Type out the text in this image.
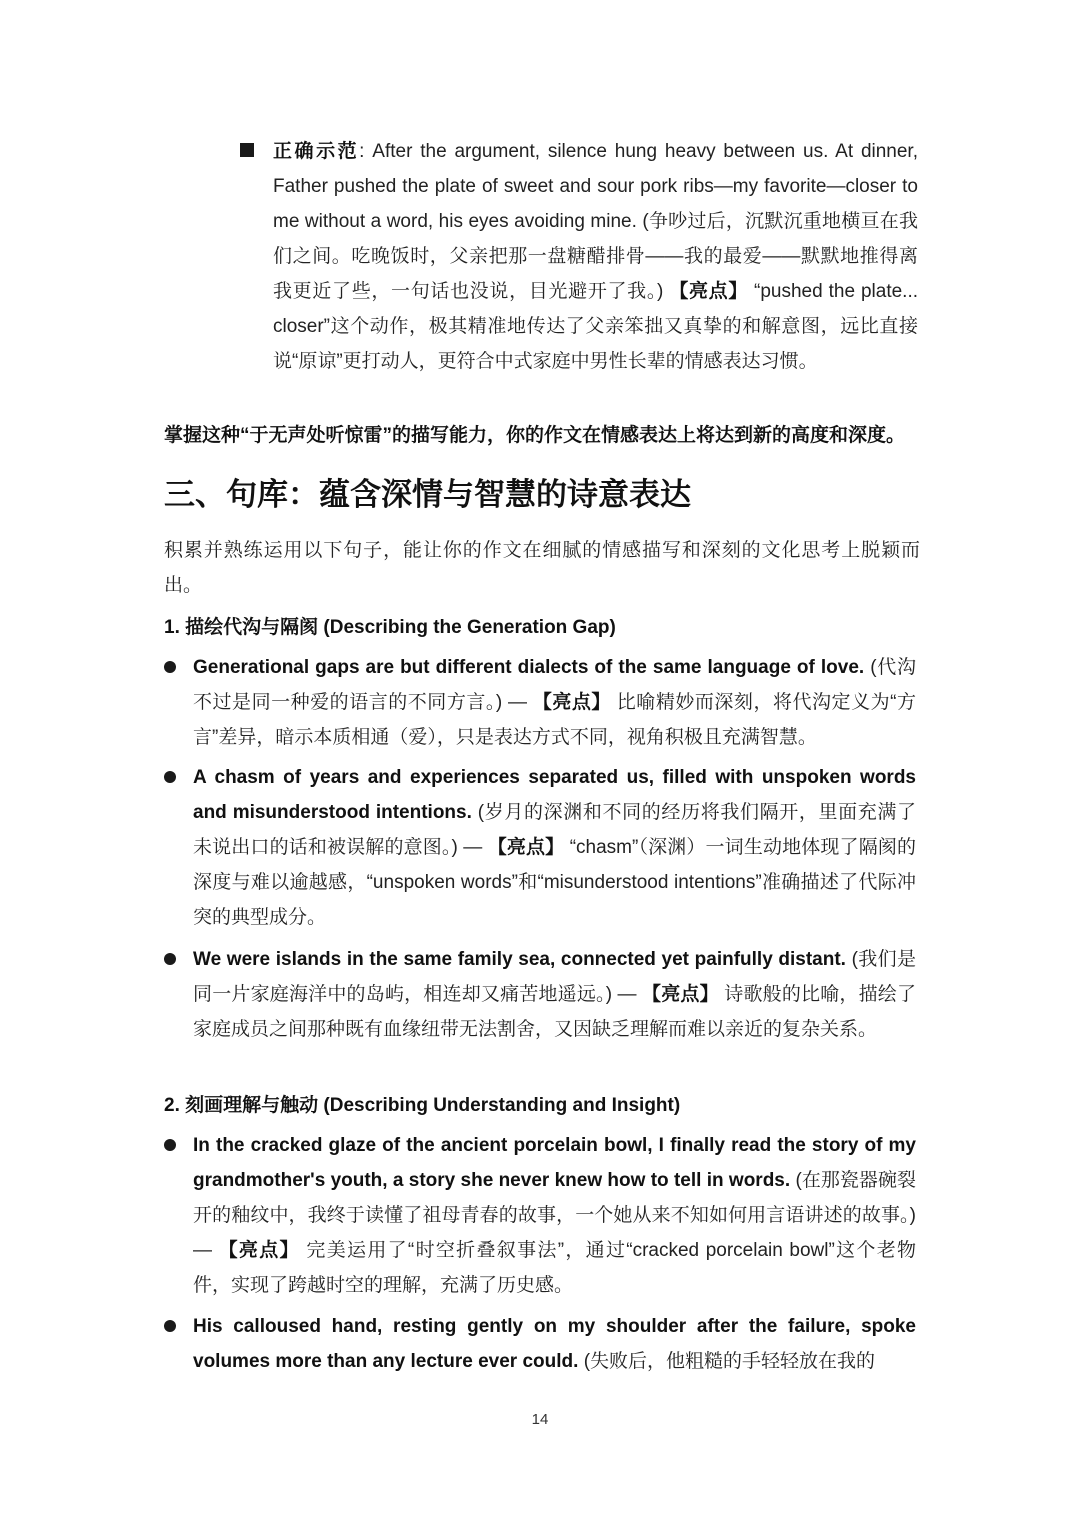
正确示范: After the argument, silence hung heavy between us. At dinner, Father pushed the plate of sweet and sour pork ribs—my favorite—closer to me without a word, his eyes avoiding mine. (争吵过后，沉默沉重地横亘在我们之间。吃晚饭时，父亲把那一盘糖醋排骨——我的最爱——默默地推得离我更近了些，一句话也没说，目光避开了我。) 【亮点】 “pushed the plate... closer”这个动作，极其精准地传达了父亲笨拙又真挚的和解意图，远比直接说“原谅”更打动人，更符合中式家庭中男性长辈的情感表达习惯。
掌握这种“于无声处听惊雷”的描写能力，你的作文在情感表达上将达到新的高度和深度。
三、句库：蕴含深情与智慧的诗意表达
积累并熟练运用以下句子，能让你的作文在细腻的情感描写和深刻的文化思考上脱颖而出。
1. 描绘代沟与隔阂 (Describing the Generation Gap)
Generational gaps are but different dialects of the same language of love. (代沟不过是同一种爱的语言的不同方言。) — 【亮点】 比喻精妙而深刻，将代沟定义为“方言”差异，暗示本质相通（爱），只是表达方式不同，视角积极且充满智慧。
A chasm of years and experiences separated us, filled with unspoken words and misunderstood intentions. (岁月的深渊和不同的经历将我们隔开，里面充满了未说出口的话和被误解的意图。) — 【亮点】 “chasm”（深渊）一词生动地体现了隔阂的深度与难以逾越感，“unspoken words”和“misunderstood intentions”准确描述了代际冲突的典型成分。
We were islands in the same family sea, connected yet painfully distant. (我们是同一片家庭海洋中的岛屿，相连却又痛苦地遥远。) — 【亮点】 诗歌般的比喻，描绘了家庭成员之间那种既有血缘纽带无法割舍，又因缺乏理解而难以亲近的复杂关系。
2. 刻画理解与触动 (Describing Understanding and Insight)
In the cracked glaze of the ancient porcelain bowl, I finally read the story of my grandmother's youth, a story she never knew how to tell in words. (在那瓷器碗裂开的釉纹中，我终于读懂了祖母青春的故事，一个她从来不知如何用言语讲述的故事。) — 【亮点】 完美运用了“时空折叠叙事法”，通过“cracked porcelain bowl”这个老物件，实现了跨越时空的理解，充满了历史感。
His calloused hand, resting gently on my shoulder after the failure, spoke volumes more than any lecture ever could. (失败后，他粗糙的手轻轻放在我的
14
